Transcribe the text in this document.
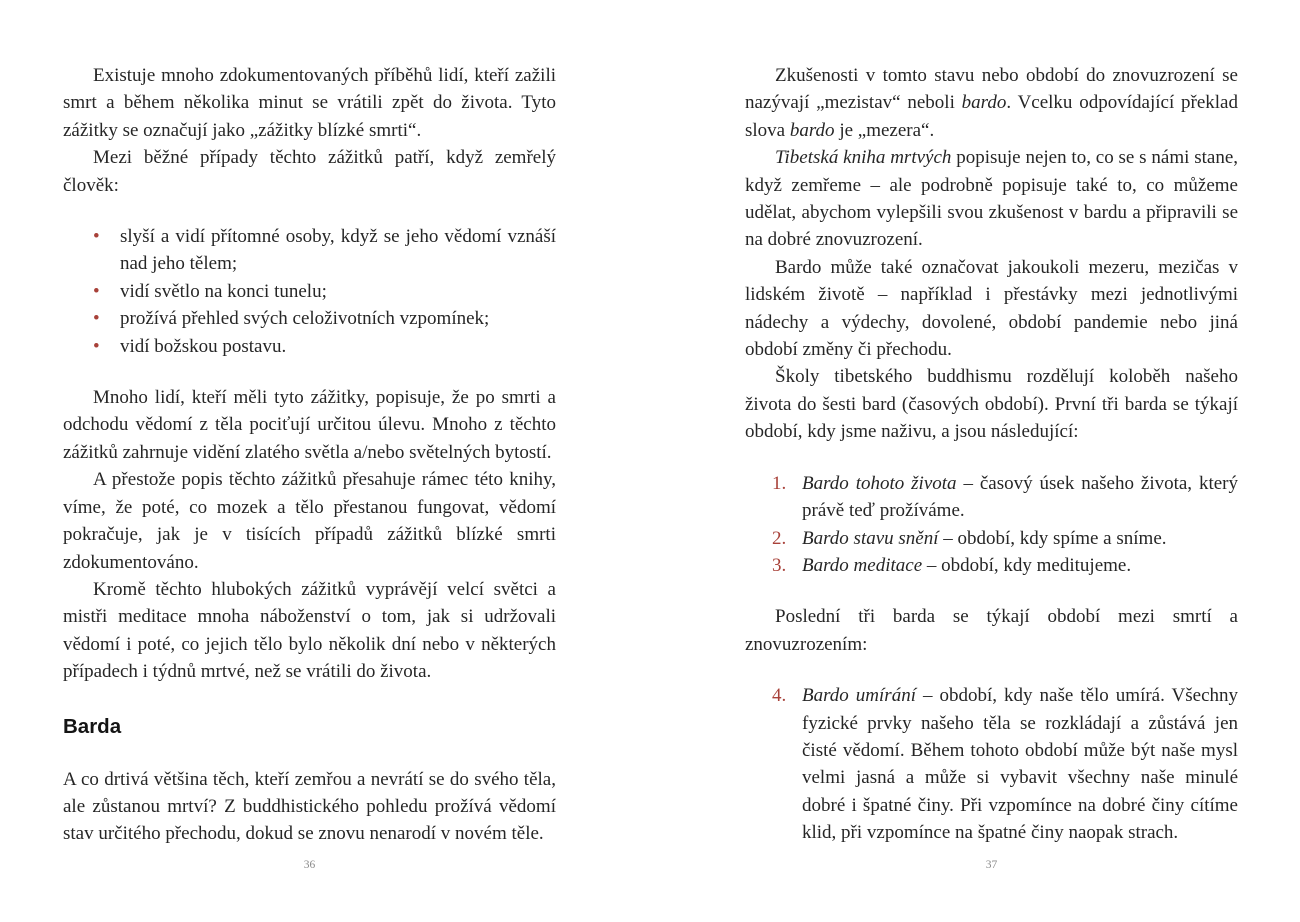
Existuje mnoho zdokumentovaných příběhů lidí, kteří zažili smrt a během několika minut se vrátili zpět do života. Tyto zážitky se označují jako „zážitky blízké smrti“.

Mezi běžné případy těchto zážitků patří, když zemřelý člověk:

• slyší a vidí přítomné osoby, když se jeho vědomí vznáší nad jeho tělem;
• vidí světlo na konci tunelu;
• prožívá přehled svých celoživotních vzpomínek;
• vidí božskou postavu.

Mnoho lidí, kteří měli tyto zážitky, popisuje, že po smrti a odchodu vědomí z těla pociťují určitou úlevu. Mnoho z těchto zážitků zahrnuje vidění zlatého světla a/nebo světelných bytostí.

A přestože popis těchto zážitků přesahuje rámec této knihy, víme, že poté, co mozek a tělo přestanou fungovat, vědomí pokračuje, jak je v tisících případů zážitků blízké smrti zdokumentováno.

Kromě těchto hlubokých zážitků vyprávějí velcí světci a mistři meditace mnoha náboženství o tom, jak si udržovali vědomí i poté, co jejich tělo bylo několik dní nebo v některých případech i týdnů mrtvé, než se vrátili do života.

Barda

A co drtivá většina těch, kteří zemřou a nevrátí se do svého těla, ale zůstanou mrtví? Z buddhistického pohledu prožívá vědomí stav určitého přechodu, dokud se znovu nenarodí v novém těle.

Zkušenosti v tomto stavu nebo období do znovuzrození se nazývají „mezistav“ neboli bardo. Vcelku odpovídající překlad slova bardo je „mezera“.

Tibetská kniha mrtvých popisuje nejen to, co se s námi stane, když zemřeme – ale podrobně popisuje také to, co můžeme udělat, abychom vylepšili svou zkušenost v bardu a připravili se na dobré znovuzrození.

Bardo může také označovat jakoukoli mezeru, mezičas v lidském životě – například i přestávky mezi jednotlivými nádechy a výdechy, dovolené, období pandemie nebo jiná období změny či přechodu.

Školy tibetského buddhismu rozdělují koloběh našeho života do šesti bard (časových období). První tři barda se týkají období, kdy jsme naživu, a jsou následující:

1. Bardo tohoto života – časový úsek našeho života, který právě teď prožíváme.
2. Bardo stavu snění – období, kdy spíme a sníme.
3. Bardo meditace – období, kdy meditujeme.

Poslední tři barda se týkají období mezi smrtí a znovuzrozením:

4. Bardo umírání – období, kdy naše tělo umírá. Všechny fyzické prvky našeho těla se rozkládají a zůstává jen čisté vědomí. Během tohoto období může být naše mysl velmi jasná a může si vybavit všechny naše minulé dobré i špatné činy. Při vzpomínce na dobré činy cítíme klid, při vzpomínce na špatné činy naopak strach.
36	37
